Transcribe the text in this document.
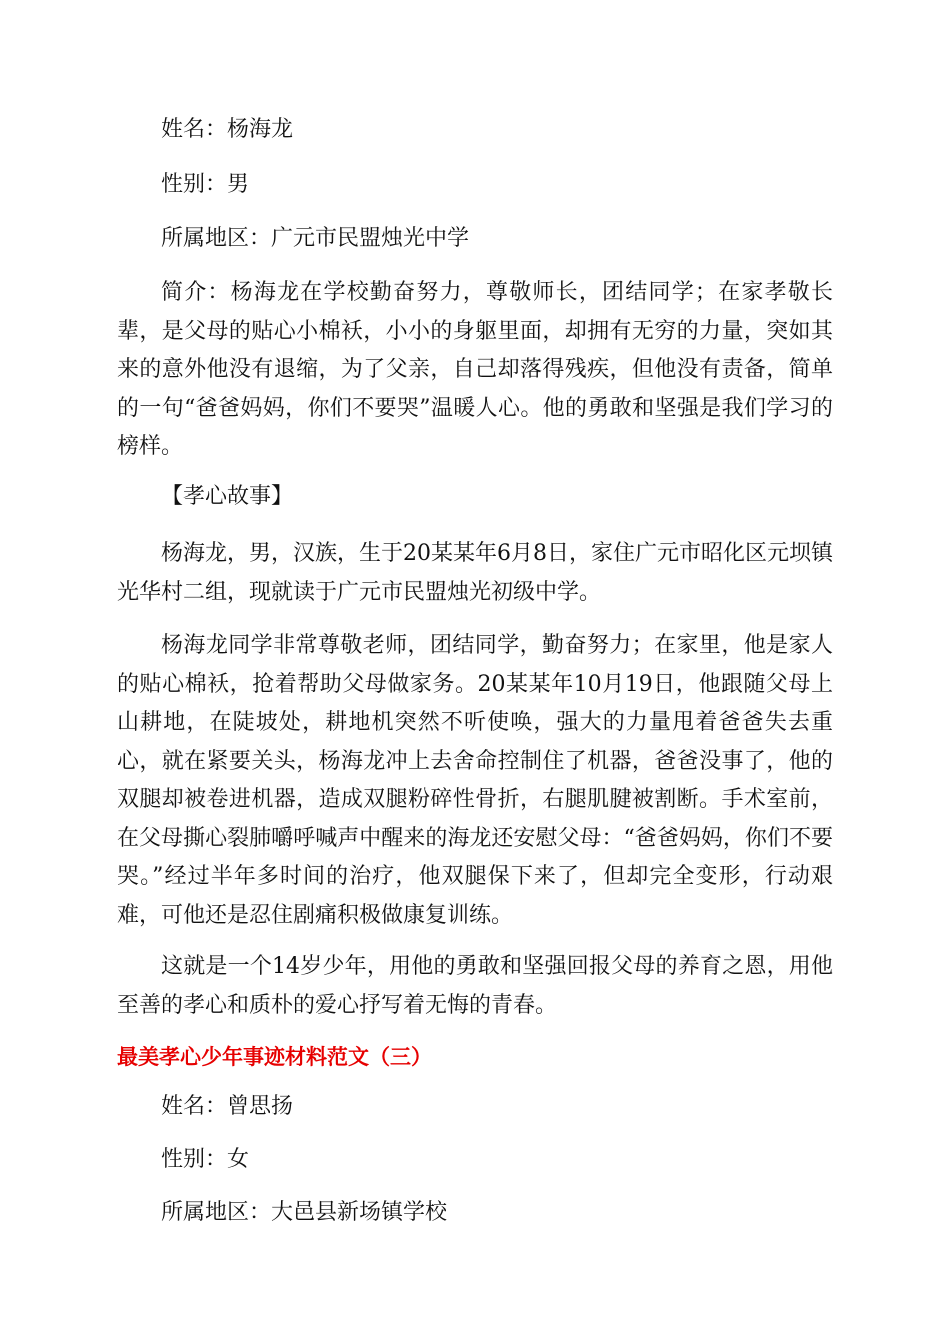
姓名：杨海龙

性别：男

所属地区：广元市民盟烛光中学

简介：杨海龙在学校勤奋努力，尊敬师长，团结同学；在家孝敬长辈，是父母的贴心小棉袄，小小的身躯里面，却拥有无穷的力量，突如其来的意外他没有退缩，为了父亲，自己却落得残疾，但他没有责备，简单的一句“爸爸妈妈，你们不要哭”温暖人心。他的勇敢和坚强是我们学习的榜样。

【孝心故事】

杨海龙，男，汉族，生于20某某年6月8日，家住广元市昭化区元坝镇光华村二组，现就读于广元市民盟烛光初级中学。

杨海龙同学非常尊敬老师，团结同学，勤奋努力；在家里，他是家人的贴心棉袄，抢着帮助父母做家务。20某某年10月19日，他跟随父母上山耕地，在陡坡处，耕地机突然不听使唤，强大的力量甩着爸爸失去重心，就在紧要关头，杨海龙冲上去舍命控制住了机器，爸爸没事了，他的双腿却被卷进机器，造成双腿粉碎性骨折，右腿肌腱被割断。手术室前，在父母撕心裂肺嚼呼喊声中醒来的海龙还安慰父母：“爸爸妈妈，你们不要哭。”经过半年多时间的治疗，他双腿保下来了，但却完全变形，行动艰难，可他还是忍住剧痛积极做康复训练。

这就是一个14岁少年，用他的勇敢和坚强回报父母的养育之恩，用他至善的孝心和质朴的爱心抒写着无悔的青春。

最美孝心少年事迹材料范文（三）

姓名：曾思扬

性别：女

所属地区：大邑县新场镇学校
